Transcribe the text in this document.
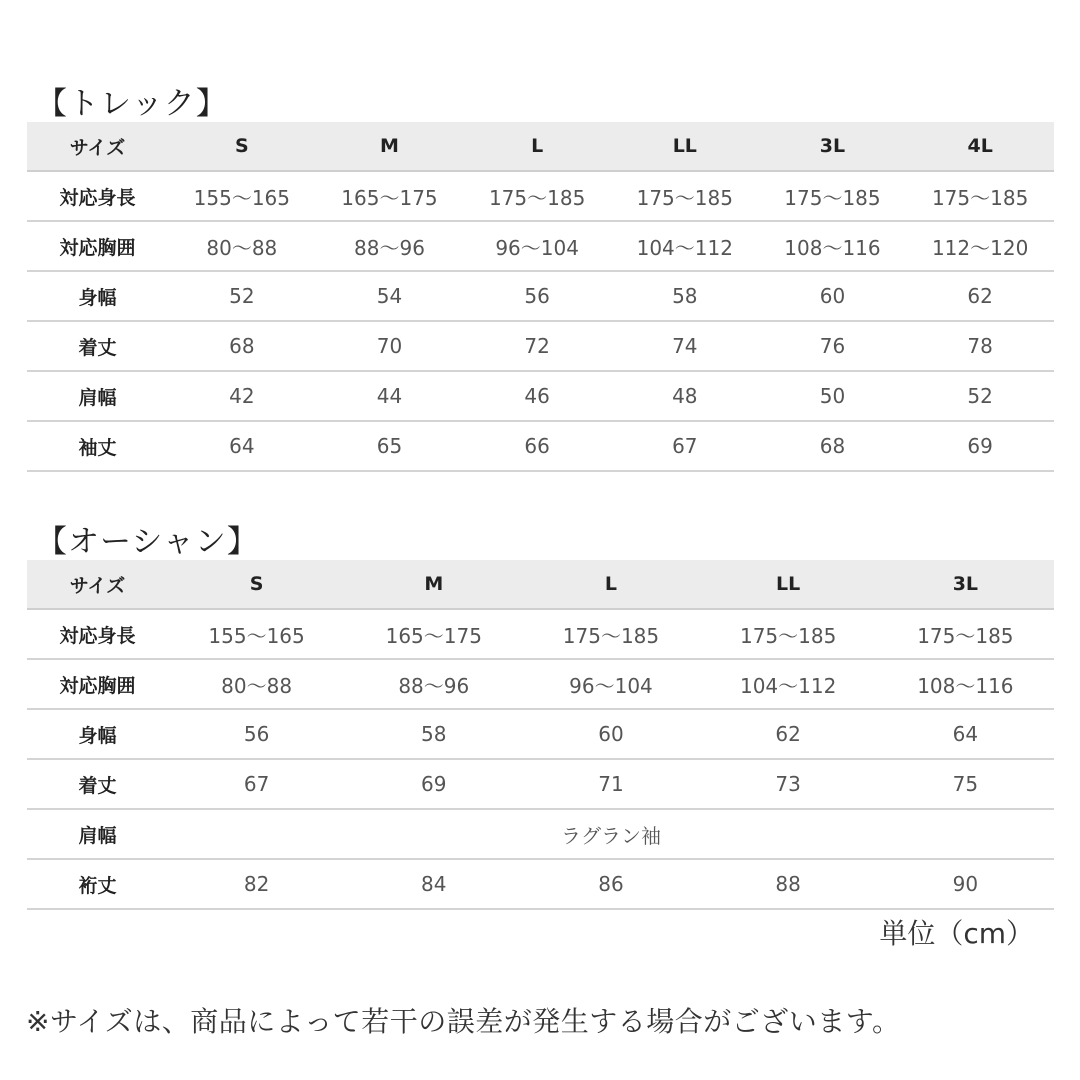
【トレック】
サイズ	S	M	L	LL	3L	4L
対応身長	155〜165	165〜175	175〜185	175〜185	175〜185	175〜185
対応胸囲	80〜88	88〜96	96〜104	104〜112	108〜116	112〜120
身幅	52	54	56	58	60	62
着丈	68	70	72	74	76	78
肩幅	42	44	46	48	50	52
袖丈	64	65	66	67	68	69
【オーシャン】
サイズ	S	M	L	LL	3L
対応身長	155〜165	165〜175	175〜185	175〜185	175〜185
対応胸囲	80〜88	88〜96	96〜104	104〜112	108〜116
身幅	56	58	60	62	64
着丈	67	69	71	73	75
肩幅	ラグラン袖				
裄丈	82	84	86	88	90
単位（cm）
※サイズは、商品によって若干の誤差が発生する場合がございます。
